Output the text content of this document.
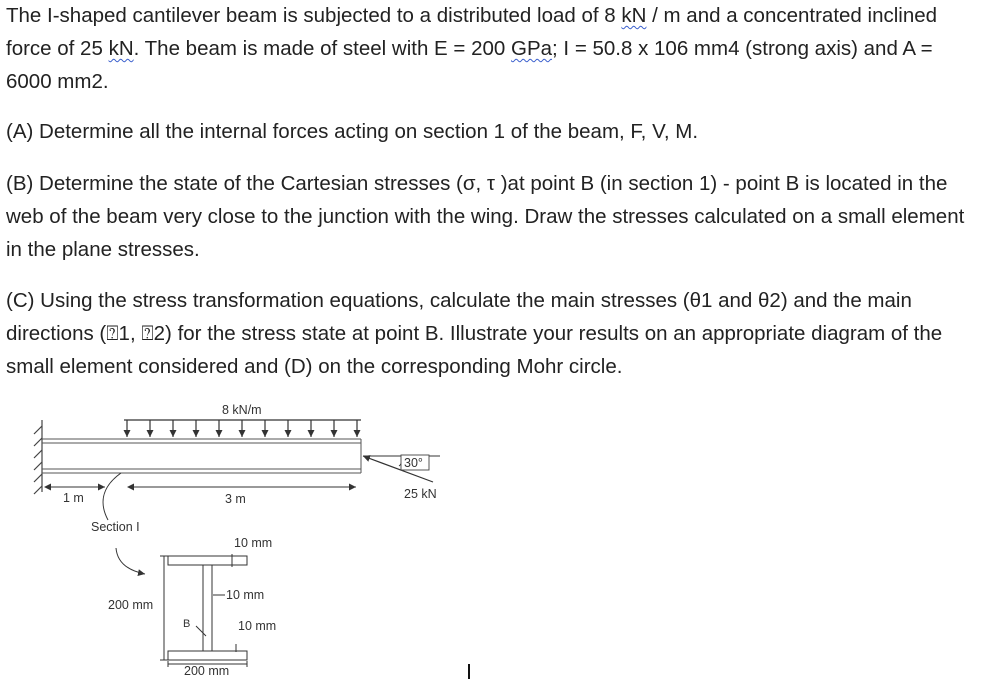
The I-shaped cantilever beam is subjected to a distributed load of 8 kN / m and a concentrated inclined force of 25 kN. The beam is made of steel with E = 200 GPa; I = 50.8 x 106 mm4 (strong axis) and A = 6000 mm2.

(A) Determine all the internal forces acting on section 1 of the beam, F, V, M.

(B) Determine the state of the Cartesian stresses (σ, τ )at point B (in section 1) - point B is located in the web of the beam very close to the junction with the wing. Draw the stresses calculated on a small element in the plane stresses.

(C) Using the stress transformation equations, calculate the main stresses (θ1 and θ2) and the main directions (⍰1, ⍰2) for the stress state at point B. Illustrate your results on an appropriate diagram of the small element considered and (D) on the corresponding Mohr circle.

8 kN/m
30°
25 kN
1 m	3 m
Section I
10 mm
10 mm
10 mm
200 mm
B
200 mm
